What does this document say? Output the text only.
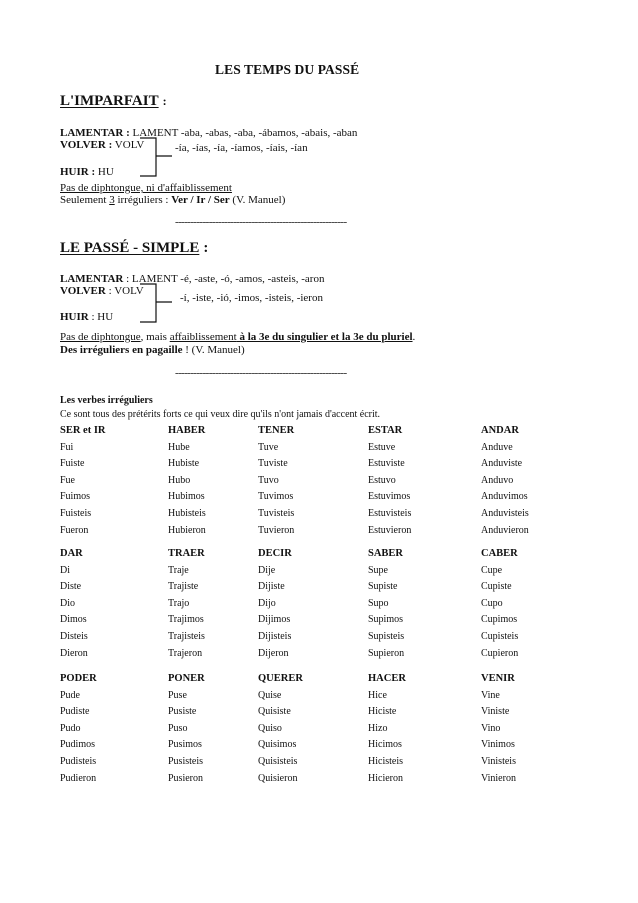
LES TEMPS DU PASSÉ
L'IMPARFAIT :
LAMENTAR : LAMENT -aba, -abas, -aba, -ábamos, -abais, -aban
VOLVER : VOLV
HUIR : HU
-ía, -ías, -ía, -íamos, -íais, -ían
Pas de diphtongue, ni d'affaiblissement
Seulement 3 irréguliers : Ver / Ir / Ser (V. Manuel)
--------------------------------------------------------
LE PASSÉ - SIMPLE :
LAMENTAR : LAMENT -é, -aste, -ó, -amos, -asteis, -aron
VOLVER : VOLV
HUIR : HU
-í, -iste, -ió, -imos, -isteis, -ieron
Pas de diphtongue, mais affaiblissement à la 3e du singulier et la 3e du pluriel.
Des irréguliers en pagaille ! (V. Manuel)
--------------------------------------------------------
Les verbes irréguliers
Ce sont tous des prétérits forts ce qui veux dire qu'ils n'ont jamais d'accent écrit.
SER et IR
Fui
Fuiste
Fue
Fuimos
Fuisteis
Fueron
HABER
Hube
Hubiste
Hubo
Hubimos
Hubisteis
Hubieron
TENER
Tuve
Tuviste
Tuvo
Tuvimos
Tuvisteis
Tuvieron
ESTAR
Estuve
Estuviste
Estuvo
Estuvimos
Estuvisteis
Estuvieron
ANDAR
Anduve
Anduviste
Anduvo
Anduvimos
Anduvisteis
Anduvieron
DAR
Di
Diste
Dio
Dimos
Disteis
Dieron
TRAER
Traje
Trajiste
Trajo
Trajimos
Trajisteis
Trajeron
DECIR
Dije
Dijiste
Dijo
Dijimos
Dijisteis
Dijeron
SABER
Supe
Supiste
Supo
Supimos
Supisteis
Supieron
CABER
Cupe
Cupiste
Cupo
Cupimos
Cupisteis
Cupieron
PODER
Pude
Pudiste
Pudo
Pudimos
Pudisteis
Pudieron
PONER
Puse
Pusiste
Puso
Pusimos
Pusisteis
Pusieron
QUERER
Quise
Quisiste
Quiso
Quisimos
Quisisteis
Quisieron
HACER
Hice
Hiciste
Hizo
Hicimos
Hicisteis
Hicieron
VENIR
Vine
Viniste
Vino
Vinimos
Vinisteis
Vinieron
